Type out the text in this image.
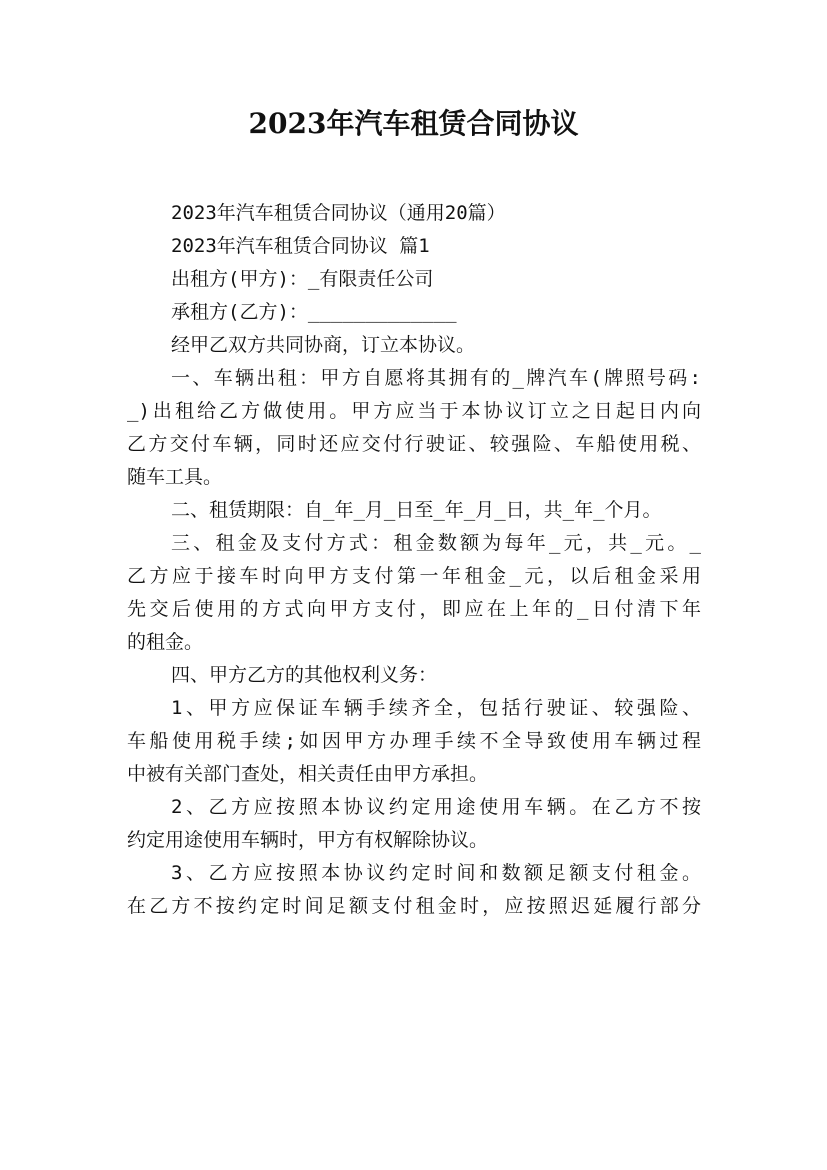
2023年汽车租赁合同协议
2023年汽车租赁合同协议（通用20篇）
2023年汽车租赁合同协议 篇1
出租方(甲方)：_有限责任公司
承租方(乙方)：_____________
经甲乙双方共同协商，订立本协议。
一、车辆出租：甲方自愿将其拥有的_牌汽车(牌照号码:
_)出租给乙方做使用。甲方应当于本协议订立之日起日内向
乙方交付车辆，同时还应交付行驶证、较强险、车船使用税、
随车工具。
二、租赁期限：自_年_月_日至_年_月_日，共_年_个月。
三、租金及支付方式：租金数额为每年_元，共_元。_
乙方应于接车时向甲方支付第一年租金_元，以后租金采用
先交后使用的方式向甲方支付，即应在上年的_日付清下年
的租金。
四、甲方乙方的其他权利义务：
1、甲方应保证车辆手续齐全，包括行驶证、较强险、
车船使用税手续;如因甲方办理手续不全导致使用车辆过程
中被有关部门查处，相关责任由甲方承担。
2、乙方应按照本协议约定用途使用车辆。在乙方不按
约定用途使用车辆时，甲方有权解除协议。
3、乙方应按照本协议约定时间和数额足额支付租金。
在乙方不按约定时间足额支付租金时，应按照迟延履行部分
